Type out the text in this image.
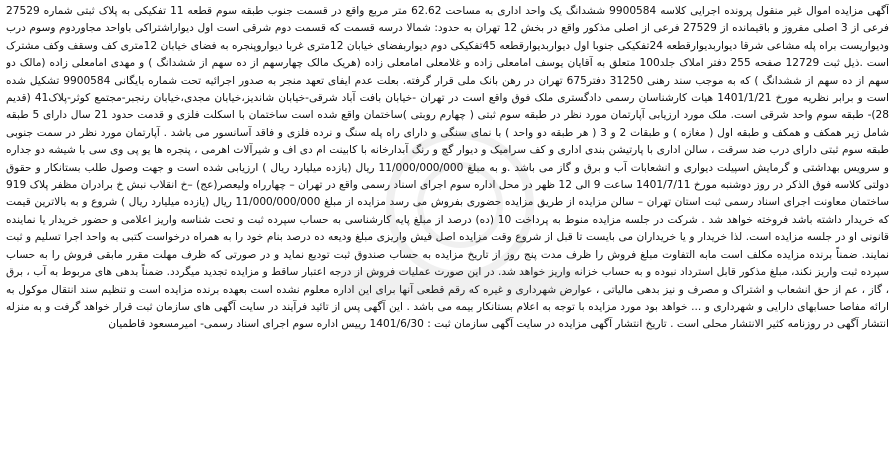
آگهی مزایده اموال غیر منقول پرونده اجرایی کلاسه 9900584 ششدانگ یک واحد اداری به مساحت 62.62 متر مربع واقع در قسمت جنوب طبقه سوم قطعه 11 تفکیکی به پلاک ثبتی شماره 27529 فرعی از 3 اصلی مفروز و باقیمانده از 27529 فرعی از اصلی مذکور واقع در بخش 12 تهران به حدود: شمالا درسه قسمت که قسمت دوم شرقی است اول دیواراشتراکی باواحد مجاوردوم وسوم درب ودیواریست براه پله مشاعی شرقا دیواربدیوارقطعه 24تفکیکی جنوبا اول دیواربدیوارقطعه 45تفکیکی دوم دیواربفضای خیابان 12متری غربا دیواروپنجره به فضای خیابان 12متری کف وسقف وکف مشترک است .ذیل ثبت 12729 صفحه 255 دفتر املاک جلد100 متعلق به آقایان یوسف امامعلی زاده و غلامعلی امامعلی زاده (هریک مالک چهارسهم از ده سهم از ششدانگ ) و مهدی امامعلی زاده (مالک دو سهم از ده سهم از ششدانگ ) که به موجب سند رهنی 31250 دفتر675 تهران در رهن بانک ملی قرار گرفته. بعلت عدم ایفای تعهد منجر به صدور اجرائیه تحت شماره بایگانی 9900584 تشکیل شده است و برابر نظریه مورخ 1401/1/21 هیات کارشناسان رسمی دادگستری ملک فوق واقع است در تهران -خیابان بافت آباد شرقی-خیابان شاندیز،خیابان مجدی،خیابان رنجبر-مجتمع کوثر-پلاک41 (قدیم 28)- طبقه سوم واحد شرقی است. ملک مورد ارزیابی آپارتمان مورد نظر در طبقه سوم ثبتی ( چهارم روبتی )ساختمان واقع شده است ساختمان با اسکلت فلزی و قدمت حدود 21 سال دارای 5 طبقه شامل زیر همکف و همکف و طبقه اول ( مغازه ) و طبقات 2 و 3 ( هر طبقه دو واحد ) با نمای سنگی و دارای راه پله سنگ و نرده فلزی و فاقد آسانسور می باشد . آپارتمان مورد نظر در سمت جنوبی طبقه سوم ثبتی دارای درب ضد سرقت ، سالن اداری با پارتیشن بندی اداری و کف سرامیک و دیوار گچ و رنگ آبدارخانه با کابینت ام دی اف و شیرآلات اهرمی ، پنجره ها یو پی وی سی با شیشه دو جداره و سرویس بهداشتی و گرمایش اسپیلت دیواری و انشعابات آب و برق و گاز می باشد .و به مبلغ 11/000/000/000 ریال (یازده میلیارد ریال ) ارزیابی شده است و جهت وصول طلب بستانکار و حقوق دولتی کلاسه فوق الذکر در روز دوشنبه مورخ 1401/7/11 ساعت 9 الی 12 ظهر در محل اداره سوم اجرای اسناد رسمی واقع در تهران – چهارراه ولیعصر(عج) –خ انقلاب نبش خ برادران مظفر پلاک 919 ساختمان معاونت اجرای اسناد رسمی ثبت استان تهران – سالن مزایده از طریق مزایده حضوری بفروش می رسد مزایده از مبلغ 11/000/000/000 ریال (یازده میلیارد ریال ) شروع و به بالاترین قیمت که خریدار داشته باشد فروخته خواهد شد . شرکت در جلسه مزایده منوط به پرداخت 10 (ده) درصد از مبلغ پایه کارشناسی به حساب سپرده ثبت و تحت شناسه واریز اعلامی و حضور خریدار یا نماینده قانونی او در جلسه مزایده است. لذا خریدار و یا خریداران می بایست تا قبل از شروع وقت مزایده اصل فیش واریزی مبلغ ودیعه ده درصد بنام خود را به همراه درخواست کتبی به واحد اجرا تسلیم و ثبت نمایند. ضمناً برنده مزایده مکلف است مابه التفاوت مبلغ فروش را ظرف مدت پنج روز از تاریخ مزایده به حساب صندوق ثبت تودیع نماید و در صورتی که ظرف مهلت مقرر مابقی فروش را به حساب سپرده ثبت واریز نکند، مبلغ مذکور قابل استرداد نبوده و به حساب خزانه واریز خواهد شد. در این صورت عملیات فروش از درجه اعتبار ساقط و مزایده تجدید میگردد. ضمناً بدهی های مربوط به آب ، برق ، گاز ، عم از حق انشعاب و اشتراک و مصرف و نیز بدهی مالیاتی ، عوارض شهرداری و غیره که رقم قطعی آنها برای این اداره معلوم نشده است بعهده برنده مزایده است و تنظیم سند انتقال موکول به ارائه مفاصا حسابهای دارایی و شهرداری و ... خواهد بود مورد مزایده با توجه به اعلام بستانکار بیمه می باشد . این آگهی پس از تائید فرآیند در سایت آگهی های سازمان ثبت قرار خواهد گرفت و به منزله انتشار آگهی در روزنامه کثیر الانتشار محلی است . تاریخ انتشار آگهی مزایده در سایت آگهی سازمان ثبت : 1401/6/30 رییس اداره سوم اجرای اسناد رسمی- امیرمسعود قاطمیان
